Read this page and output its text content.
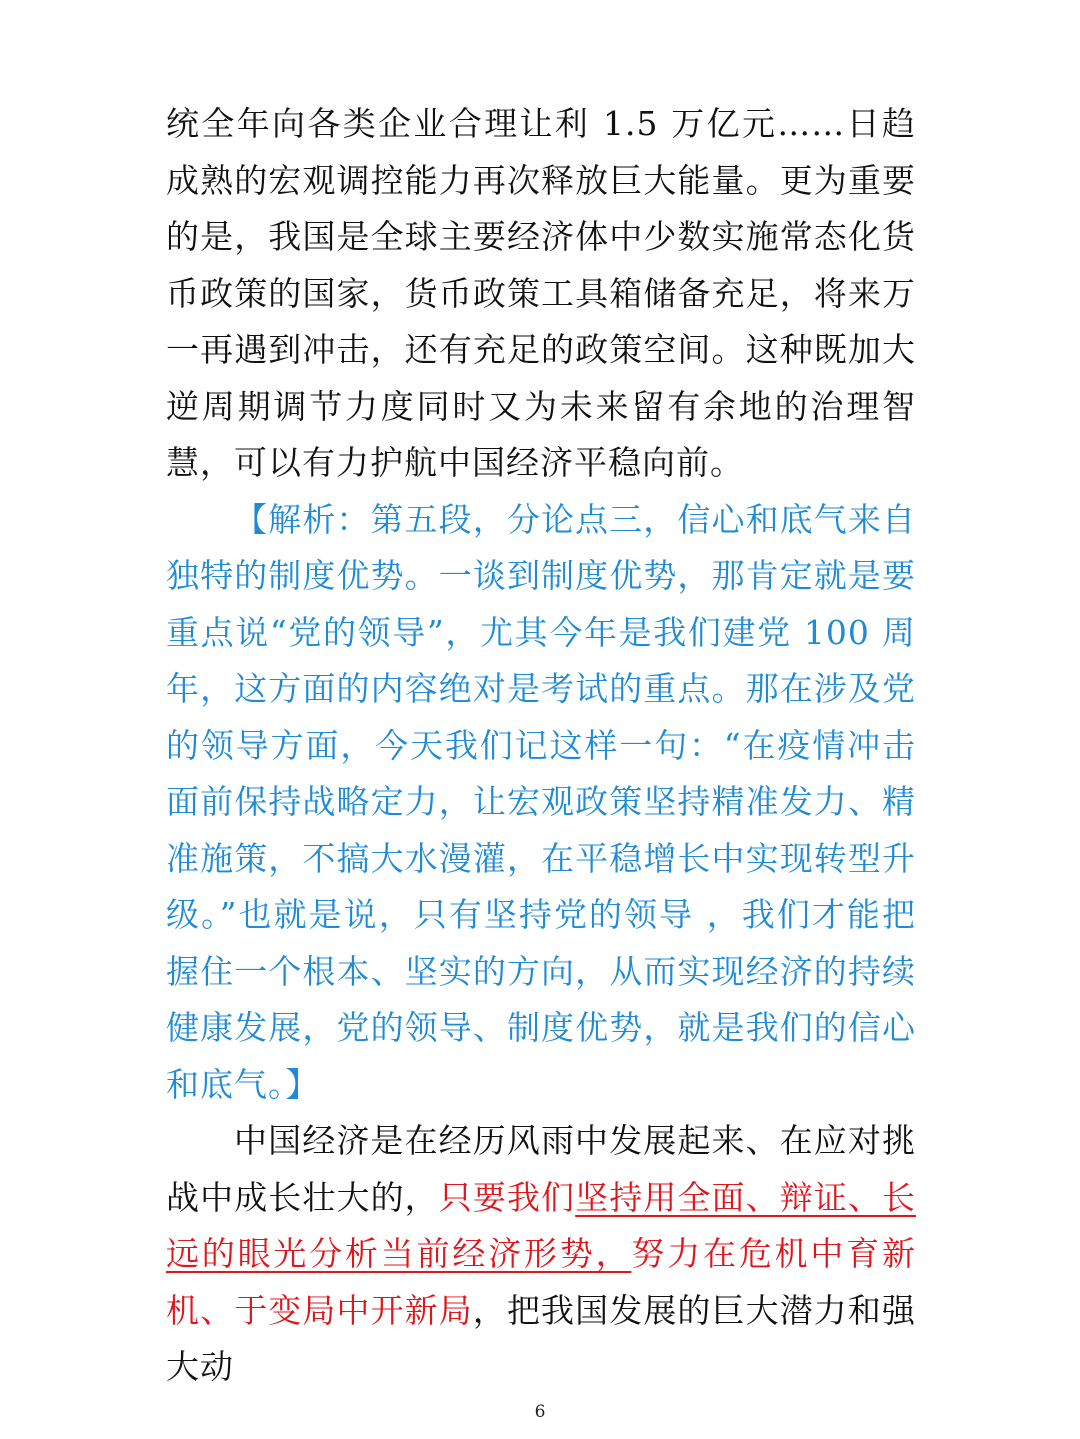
统全年向各类企业合理让利 1.5 万亿元……日趋成熟的宏观调控能力再次释放巨大能量。更为重要的是，我国是全球主要经济体中少数实施常态化货币政策的国家，货币政策工具箱储备充足，将来万一再遇到冲击，还有充足的政策空间。这种既加大逆周期调节力度同时又为未来留有余地的治理智慧，可以有力护航中国经济平稳向前。

【解析：第五段，分论点三，信心和底气来自独特的制度优势。一谈到制度优势，那肯定就是要重点说“党的领导”，尤其今年是我们建党 100 周年，这方面的内容绝对是考试的重点。那在涉及党的领导方面，今天我们记这样一句：“在疫情冲击面前保持战略定力，让宏观政策坚持精准发力、精准施策，不搞大水漫灌，在平稳增长中实现转型升级。”也就是说，只有坚持党的领导 ，我们才能把握住一个根本、坚实的方向，从而实现经济的持续健康发展，党的领导、制度优势，就是我们的信心和底气。】

中国经济是在经历风雨中发展起来、在应对挑战中成长壮大的，只要我们坚持用全面、辩证、长远的眼光分析当前经济形势，努力在危机中育新机、于变局中开新局，把我国发展的巨大潜力和强大动

6
